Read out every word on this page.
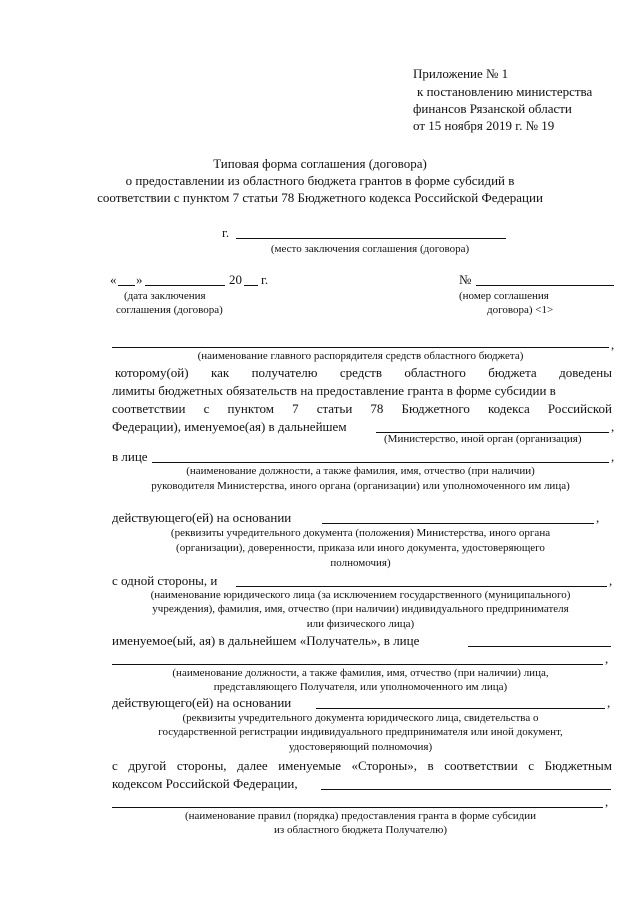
Приложение № 1
к постановлению министерства
финансов Рязанской области
от 15 ноября 2019 г. № 19
Типовая форма соглашения (договора)
о предоставлении из областного бюджета грантов в форме субсидий в
соответствии с пунктом 7 статьи 78 Бюджетного кодекса Российской Федерации
г.
(место заключения соглашения (договора)
« »	20 г.
(дата заключения
соглашения (договора)
№
(номер соглашения
договора) <1>
,
(наименование главного распорядителя средств областного бюджета)
которому(ой) как получателю средств областного бюджета доведены
лимиты бюджетных обязательств на предоставление гранта в форме субсидии в
соответствии с пунктом 7 статьи 78 Бюджетного кодекса Российской
Федерации), именуемое(ая) в дальнейшем	,
(Министерство, иной орган (организация)
в лице	,
(наименование должности, а также фамилия, имя, отчество (при наличии)
руководителя Министерства, иного органа (организации) или уполномоченного им лица)
действующего(ей) на основании	,
(реквизиты учредительного документа (положения) Министерства, иного органа
(организации), доверенности, приказа или иного документа, удостоверяющего
полномочия)
с одной стороны, и	,
(наименование юридического лица (за исключением государственного (муниципального)
учреждения), фамилия, имя, отчество (при наличии) индивидуального предпринимателя
или физического лица)
именуемое(ый, ая) в дальнейшем «Получатель», в лице
,
(наименование должности, а также фамилия, имя, отчество (при наличии) лица,
представляющего Получателя, или уполномоченного им лица)
действующего(ей) на основании	,
(реквизиты учредительного документа юридического лица, свидетельства о
государственной регистрации индивидуального предпринимателя или иной документ,
удостоверяющий полномочия)
с другой стороны, далее именуемые «Стороны», в соответствии с Бюджетным
кодексом Российской Федерации,
,
(наименование правил (порядка) предоставления гранта в форме субсидии
из областного бюджета Получателю)
